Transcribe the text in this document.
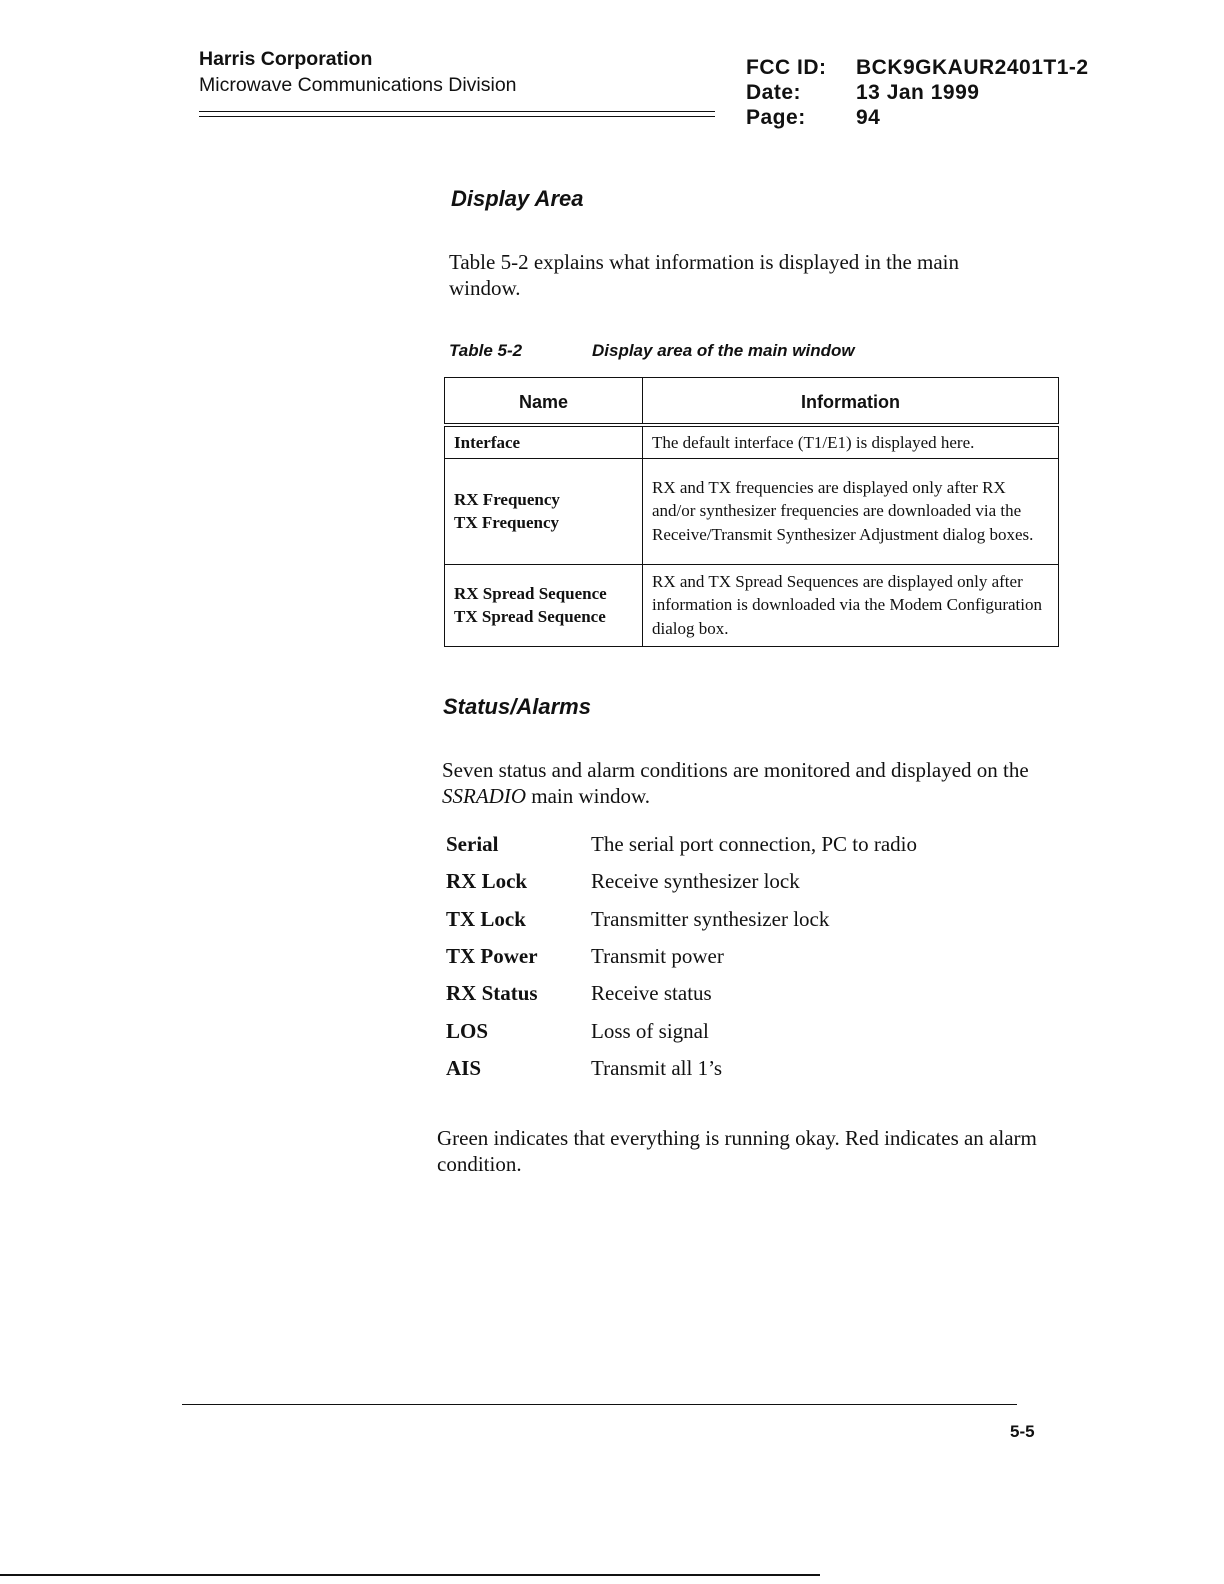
Harris Corporation
Microwave Communications Division
FCC ID:	BCK9GKAUR2401T1-2
Date:	13 Jan 1999
Page:	94
Display Area
Table 5-2 explains what information is displayed in the main window.
Table 5-2	Display area of the main window
Name	Information
Interface	The default interface (T1/E1) is displayed here.

RX Frequency
TX Frequency	RX and TX frequencies are displayed only after RX and/or synthesizer frequencies are downloaded via the Receive/Transmit Synthesizer Adjustment dialog boxes.

RX Spread Sequence
TX Spread Sequence	RX and TX Spread Sequences are displayed only after information is downloaded via the Modem Configuration dialog box.
Status/Alarms
Seven status and alarm conditions are monitored and displayed on the SSRADIO main window.
Serial	The serial port connection, PC to radio
RX Lock	Receive synthesizer lock
TX Lock	Transmitter synthesizer lock
TX Power	Transmit power
RX Status	Receive status
LOS	Loss of signal
AIS	Transmit all 1’s
Green indicates that everything is running okay. Red indicates an alarm condition.
5-5
